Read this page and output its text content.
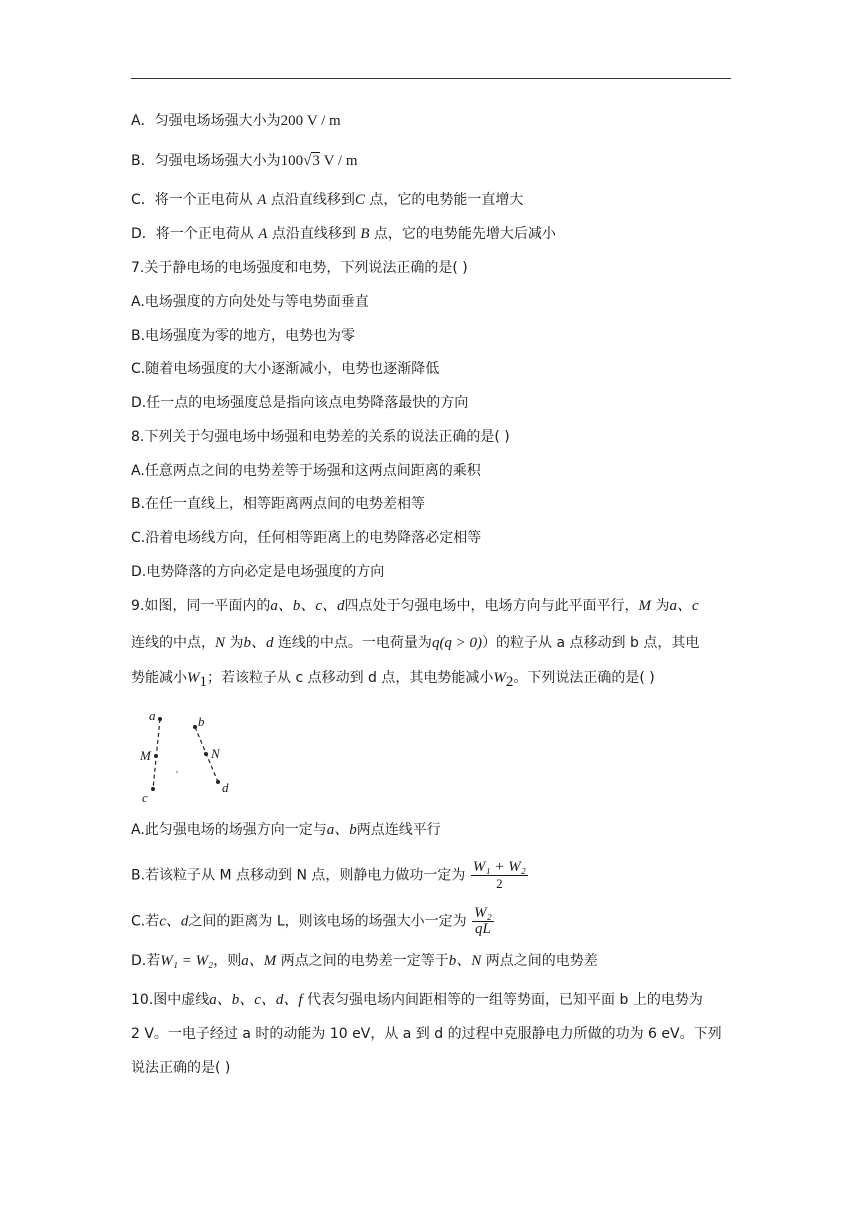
A．匀强电场场强大小为200 V / m
B．匀强电场场强大小为100√3 V / m
C．将一个正电荷从 A 点沿直线移到C 点，它的电势能一直增大
D．将一个正电荷从 A 点沿直线移到 B 点，它的电势能先增大后减小
7.关于静电场的电场强度和电势，下列说法正确的是( )
A.电场强度的方向处处与等电势面垂直
B.电场强度为零的地方，电势也为零
C.随着电场强度的大小逐渐减小，电势也逐渐降低
D.任一点的电场强度总是指向该点电势降落最快的方向
8.下列关于匀强电场中场强和电势差的关系的说法正确的是( )
A.任意两点之间的电势差等于场强和这两点间距离的乘积
B.在任一直线上，相等距离两点间的电势差相等
C.沿着电场线方向，任何相等距离上的电势降落必定相等
D.电势降落的方向必定是电场强度的方向
9.如图，同一平面内的a、b、c、d四点处于匀强电场中，电场方向与此平面平行，M 为a、c
连线的中点，N 为b、d 连线的中点。一电荷量为q(q > 0)）的粒子从 a 点移动到 b 点，其电
势能减小$W_1$；若该粒子从 c 点移动到 d 点，其电势能减小$W_2$。下列说法正确的是( )
a
M
c
b
N
d
A.此匀强电场的场强方向一定与a、b两点连线平行
B.若该粒子从 M 点移动到 N 点，则静电力做功一定为 $\frac{\text{W₁ + W₂}}{2}$
C.若c、d之间的距离为 L，则该电场的场强大小一定为 $\frac{\text{W₂}}{qL}$
D.若W₁ = W₂，则a、M 两点之间的电势差一定等于b、N 两点之间的电势差
10.图中虚线a、b、c、d、f 代表匀强电场内间距相等的一组等势面，已知平面 b 上的电势为
2 V。一电子经过 a 时的动能为 10 eV，从 a 到 d 的过程中克服静电力所做的功为 6 eV。下列
说法正确的是( )
